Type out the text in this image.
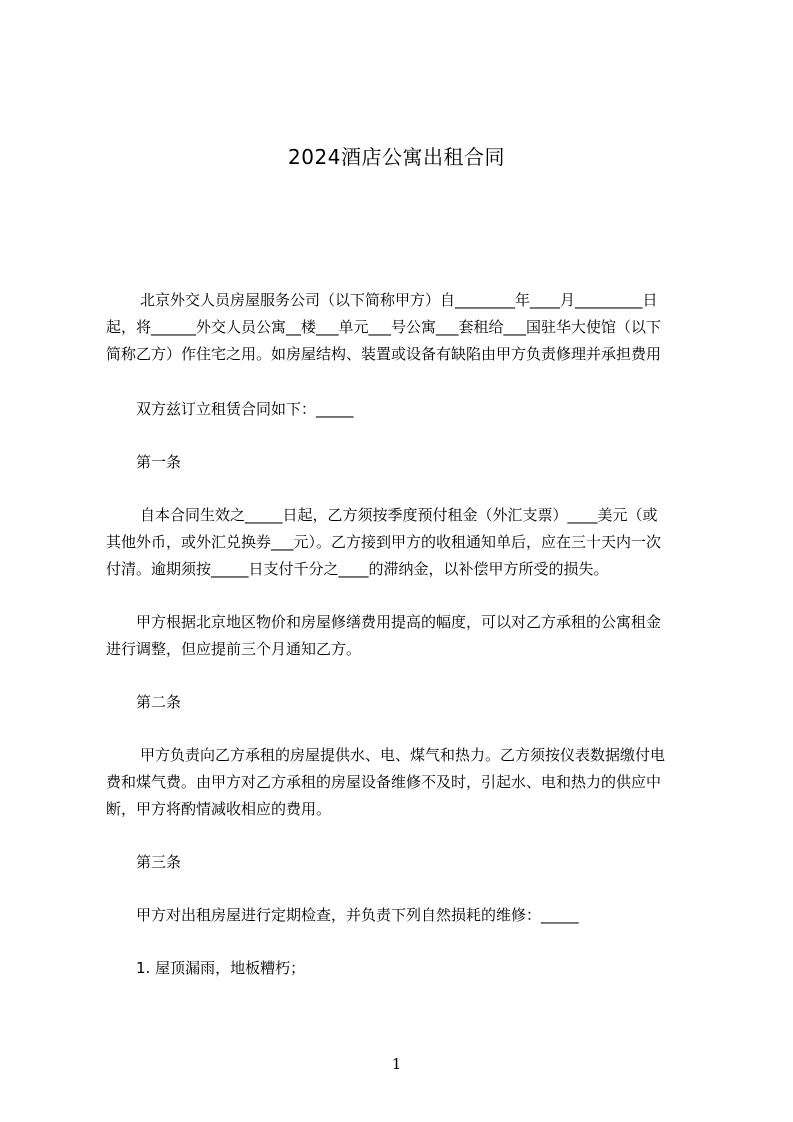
2024酒店公寓出租合同
北京外交人员房屋服务公司（以下简称甲方）自________年____月_________日
起，将______外交人员公寓__楼___单元___号公寓___套租给___国驻华大使馆（以下
简称乙方）作住宅之用。如房屋结构、装置或设备有缺陷由甲方负责修理并承担费用
双方兹订立租赁合同如下：_____
第一条
自本合同生效之_____日起，乙方须按季度预付租金（外汇支票）____美元（或
其他外币，或外汇兑换券___元）。乙方接到甲方的收租通知单后，应在三十天内一次
付清。逾期须按_____日支付千分之____的滞纳金，以补偿甲方所受的损失。
甲方根据北京地区物价和房屋修缮费用提高的幅度，可以对乙方承租的公寓租金
进行调整，但应提前三个月通知乙方。
第二条
甲方负责向乙方承租的房屋提供水、电、煤气和热力。乙方须按仪表数据缴付电
费和煤气费。由甲方对乙方承租的房屋设备维修不及时，引起水、电和热力的供应中
断，甲方将酌情减收相应的费用。
第三条
甲方对出租房屋进行定期检查，并负责下列自然损耗的维修：_____
1. 屋顶漏雨，地板糟朽；
1
